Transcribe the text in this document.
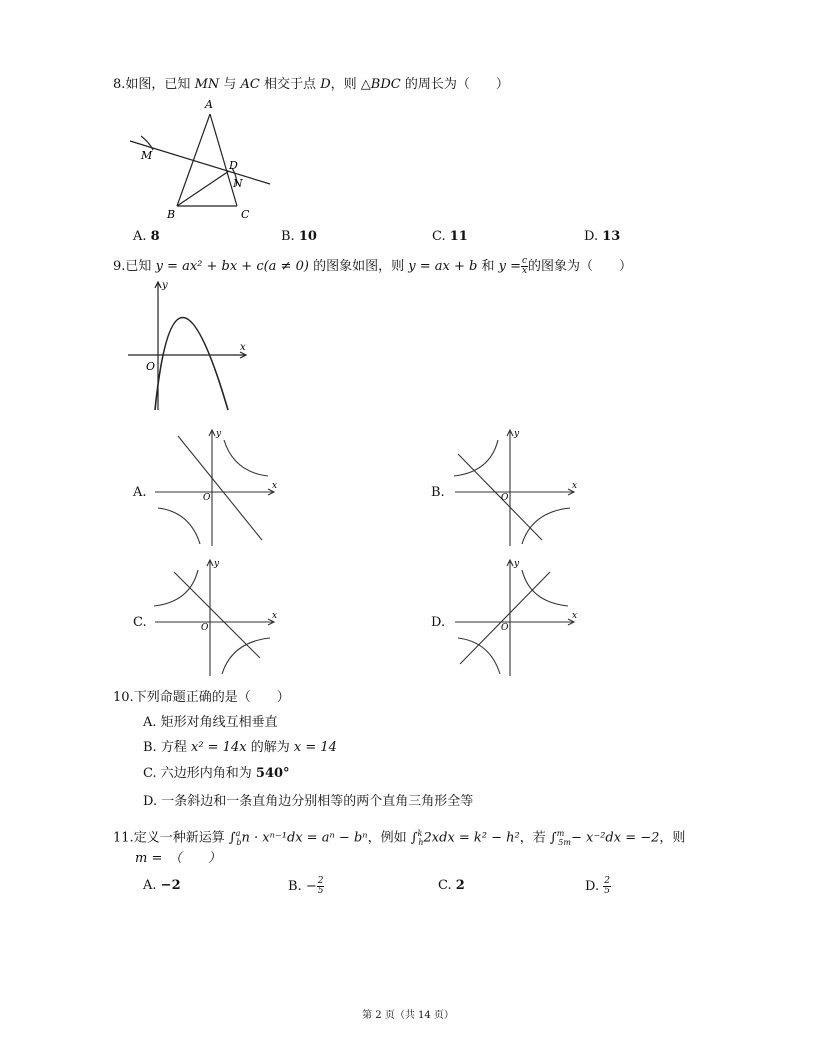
8.如图，已知 MN 与 AC 相交于点 D，则 △BDC 的周长为（　　）
A
M
D
N
B	C
A. 8	B. 10	C. 11	D. 13
9.已知 y = ax² + bx + c(a ≠ 0) 的图象如图，则 y = ax + b 和 $y = \frac{c}{x}$ 的图象为（　　）
x
y
O
A.	x
y
O	B.	x
y
O
C.	x
y
O	D.	x
y
O
10.下列命题正确的是（　　）
A. 矩形对角线互相垂直
B. 方程 x² = 14x 的解为 x = 14
C. 六边形内角和为 540°
D. 一条斜边和一条直角边分别相等的两个直角三角形全等
11.定义一种新运算 ∫$^a_b$n · xⁿ⁻¹dx = aⁿ − bⁿ，例如 ∫$^k_h$2xdx = k² − h²，若 ∫$^m_{5m}$− x⁻²dx = −2，则
m =　（　　）
A. −2	B. − $\frac{2}{5}$	C. 2	D. $\frac{2}{5}$
第 2 页（共 14 页）
